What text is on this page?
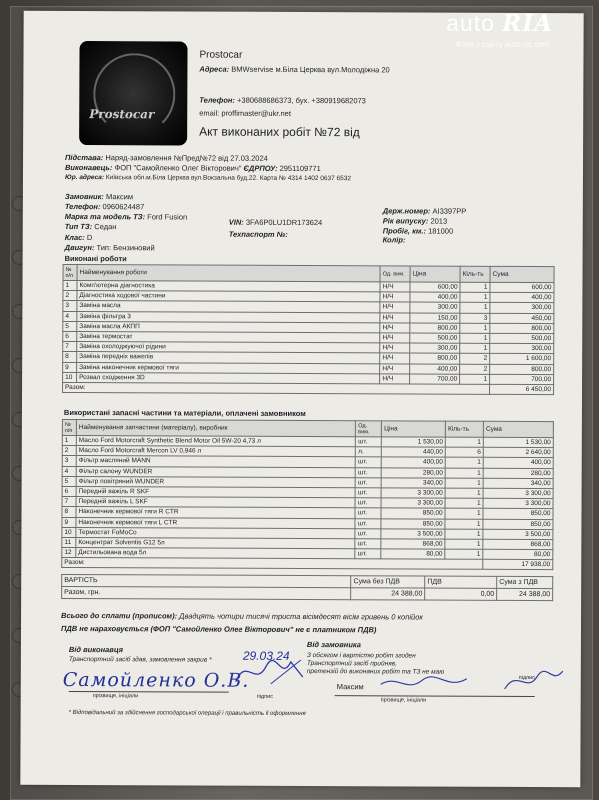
Prostocar
Prostocar
Адреса: BMWservise м.Біла Церква вул.Молодіжна 20
Телефон: +380688686373, бух. +380919682073
email: proffimaster@ukr.net
Акт виконаних робіт №72 від
Підстава: Наряд-замовлення №Пред№72 від 27.03.2024
Виконавець: ФОП "Самойленко Олег Вікторович" ЄДРПОУ: 2951109771
Юр. адреса: Київська обл.м.Біла Церква вул.Вокзальна буд.22. Карта № 4314 1402 0637 6532
Замовник: Максим
Телефон: 0960624487
Марка та модель ТЗ: Ford Fusion
Тип ТЗ: Седан
Клас: D
Двигун: Тип: Бензиновий
VIN: 3FA6P0LU1DR173624
Техпаспорт №:
Держ.номер: AI3397PP
Рік випуску: 2013
Пробіг, км.: 181000
Колір:
Виконані роботи
№ п/п	Найменування роботи	Од. вим.	Ціна	Кіль-ть	Сума
1	Комп'ютерна діагностика	Н/Ч	600,00	1	600,00
2	Діагностика ходової частини	Н/Ч	400,00	1	400,00
3	Заміна масла	Н/Ч	300,00	1	300,00
4	Заміна фільтра 3	Н/Ч	150,00	3	450,00
5	Заміна масла АКПП	Н/Ч	800,00	1	800,00
6	Заміна термостат	Н/Ч	500,00	1	500,00
7	Заміна охолоджуючої рідини	Н/Ч	300,00	1	300,00
8	Заміна передніх важелів	Н/Ч	800,00	2	1 600,00
9	Заміна наконечник кермової тяги	Н/Ч	400,00	2	800,00
10	Розвал сходження 3D	Н/Ч	700,00	1	700,00
Разом:					6 450,00
Використані запасні частини та матеріали, оплачені замовником
№ п/п	Найменування запчастини (матеріалу), виробник	Од. вим.	Ціна	Кіль-ть	Сума
1	Масло Ford Motorcraft Synthetic Blend Motor Oil 5W-20 4,73 л	шт.	1 530,00	1	1 530,00
2	Масло Ford Motorcraft Mercon LV 0,946 л	л.	440,00	6	2 640,00
3	Фільтр масляний MANN	шт.	400,00	1	400,00
4	Фільтр салону WUNDER	шт.	280,00	1	280,00
5	Фільтр повітряний WUNDER	шт.	340,00	1	340,00
6	Передній важіль R SKF	шт.	3 300,00	1	3 300,00
7	Передній важіль L SKF	шт.	3 300,00	1	3 300,00
8	Наконечник кермової тяги R CTR	шт.	850,00	1	850,00
9	Наконечник кермової тяги L CTR	шт.	850,00	1	850,00
10	Термостат FoMoCo	шт.	3 500,00	1	3 500,00
11	Концентрат Solventis G12 5л	шт.	868,00	1	868,00
12	Дистильована вода 5л	шт.	80,00	1	80,00
Разом:					17 938,00
ВАРТІСТЬ	Сума без ПДВ	ПДВ	Сума з ПДВ
Разом, грн.	24 388,00	0,00	24 388,00
Всього до сплати (прописом): Двадцять чотири тисячі триста вісімдесят вісім гривень 0 копійок
ПДВ не нараховується (ФОП "Самойленко Олег Вікторович" не є платником ПДВ)
Від виконавця
Транспортний засіб здав, замовлення закрив *
Самойленко О.В.
29.03.24
прізвище, ініціали	підпис
Від замовника
З обсягом і вартістю робіт згоден
Транспортний засіб прийняв,
претензій до виконаних робіт та ТЗ не маю
Максим
прізвище, ініціали
підпис
* Відповідальний за здійснення господарської операції і правильність її оформлення
auto RIA
Фото з сайту auto.ria.com
